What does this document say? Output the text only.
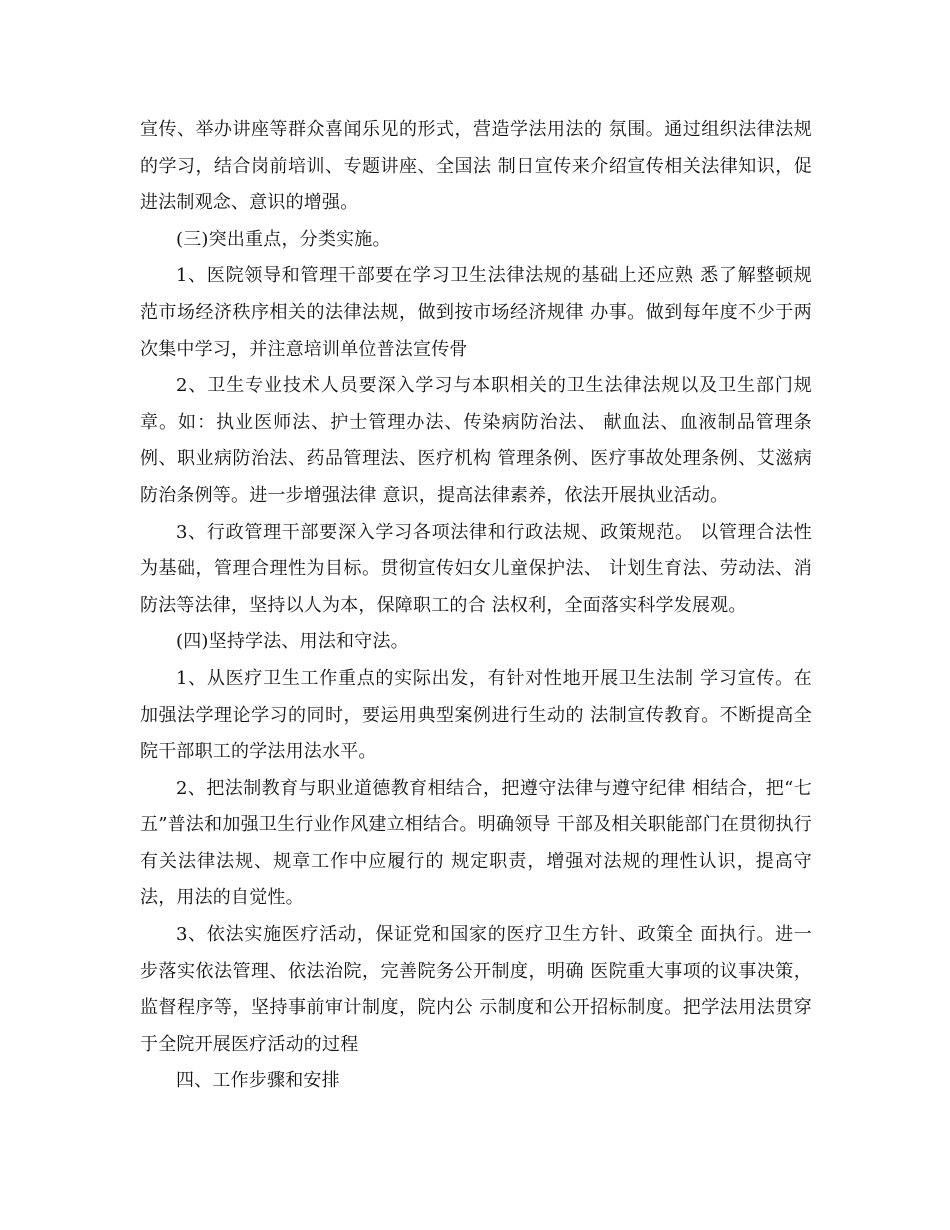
宣传、举办讲座等群众喜闻乐见的形式，营造学法用法的 氛围。通过组织法律法规的学习，结合岗前培训、专题讲座、全国法 制日宣传来介绍宣传相关法律知识，促进法制观念、意识的增强。

(三)突出重点，分类实施。

1、医院领导和管理干部要在学习卫生法律法规的基础上还应熟 悉了解整顿规范市场经济秩序相关的法律法规，做到按市场经济规律 办事。做到每年度不少于两次集中学习，并注意培训单位普法宣传骨

2、卫生专业技术人员要深入学习与本职相关的卫生法律法规以及卫生部门规章。如：执业医师法、护士管理办法、传染病防治法、 献血法、血液制品管理条例、职业病防治法、药品管理法、医疗机构 管理条例、医疗事故处理条例、艾滋病防治条例等。进一步增强法律 意识，提高法律素养，依法开展执业活动。

3、行政管理干部要深入学习各项法律和行政法规、政策规范。 以管理合法性为基础，管理合理性为目标。贯彻宣传妇女儿童保护法、 计划生育法、劳动法、消防法等法律，坚持以人为本，保障职工的合 法权利，全面落实科学发展观。

(四)坚持学法、用法和守法。

1、从医疗卫生工作重点的实际出发，有针对性地开展卫生法制 学习宣传。在加强法学理论学习的同时，要运用典型案例进行生动的 法制宣传教育。不断提高全院干部职工的学法用法水平。

2、把法制教育与职业道德教育相结合，把遵守法律与遵守纪律 相结合，把“七五”普法和加强卫生行业作风建立相结合。明确领导 干部及相关职能部门在贯彻执行有关法律法规、规章工作中应履行的 规定职责，增强对法规的理性认识，提高守法，用法的自觉性。

3、依法实施医疗活动，保证党和国家的医疗卫生方针、政策全 面执行。进一步落实依法管理、依法治院，完善院务公开制度，明确 医院重大事项的议事决策，监督程序等，坚持事前审计制度，院内公 示制度和公开招标制度。把学法用法贯穿于全院开展医疗活动的过程

四、工作步骤和安排
